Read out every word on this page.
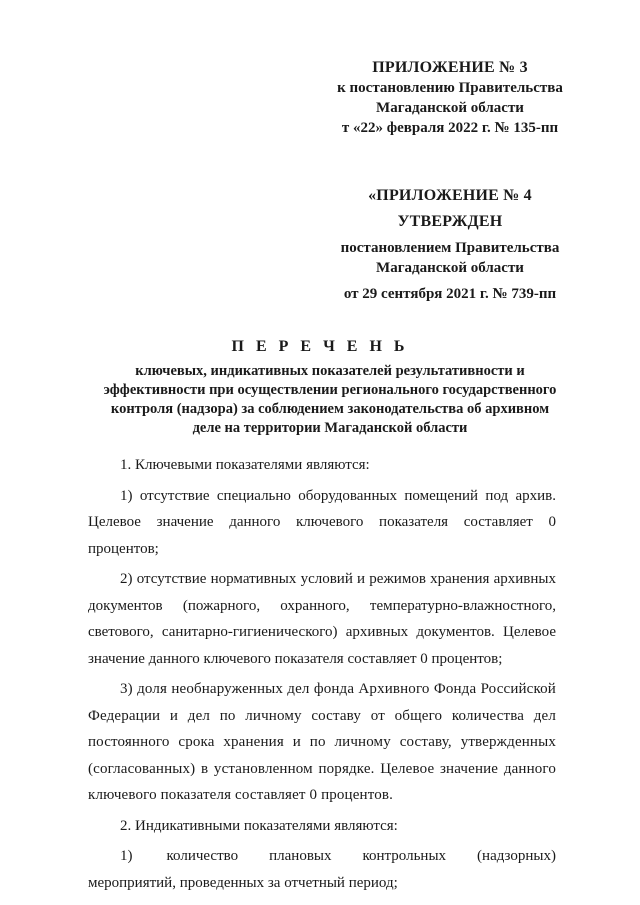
ПРИЛОЖЕНИЕ № 3
к постановлению Правительства
Магаданской области
т «22» февраля 2022 г. № 135-пп
«ПРИЛОЖЕНИЕ № 4
УТВЕРЖДЕН
постановлением Правительства
Магаданской области
от 29 сентября 2021 г. № 739-пп
П Е Р Е Ч Е Н Ь
ключевых, индикативных показателей результативности и эффективности при осуществлении регионального государственного контроля (надзора) за соблюдением законодательства об архивном деле на территории Магаданской области

1. Ключевыми показателями являются:

1) отсутствие специально оборудованных помещений под архив. Целевое значение данного ключевого показателя составляет 0 процентов;

2) отсутствие нормативных условий и режимов хранения архивных документов (пожарного, охранного, температурно-влажностного, светового, санитарно-гигиенического) архивных документов. Целевое значение данного ключевого показателя составляет 0 процентов;

3) доля необнаруженных дел фонда Архивного Фонда Российской Федерации и дел по личному составу от общего количества дел постоянного срока хранения и по личному составу, утвержденных (согласованных) в установленном порядке. Целевое значение данного ключевого показателя составляет 0 процентов.

2. Индикативными показателями являются:

1) количество плановых контрольных (надзорных) мероприятий, проведенных за отчетный период;
